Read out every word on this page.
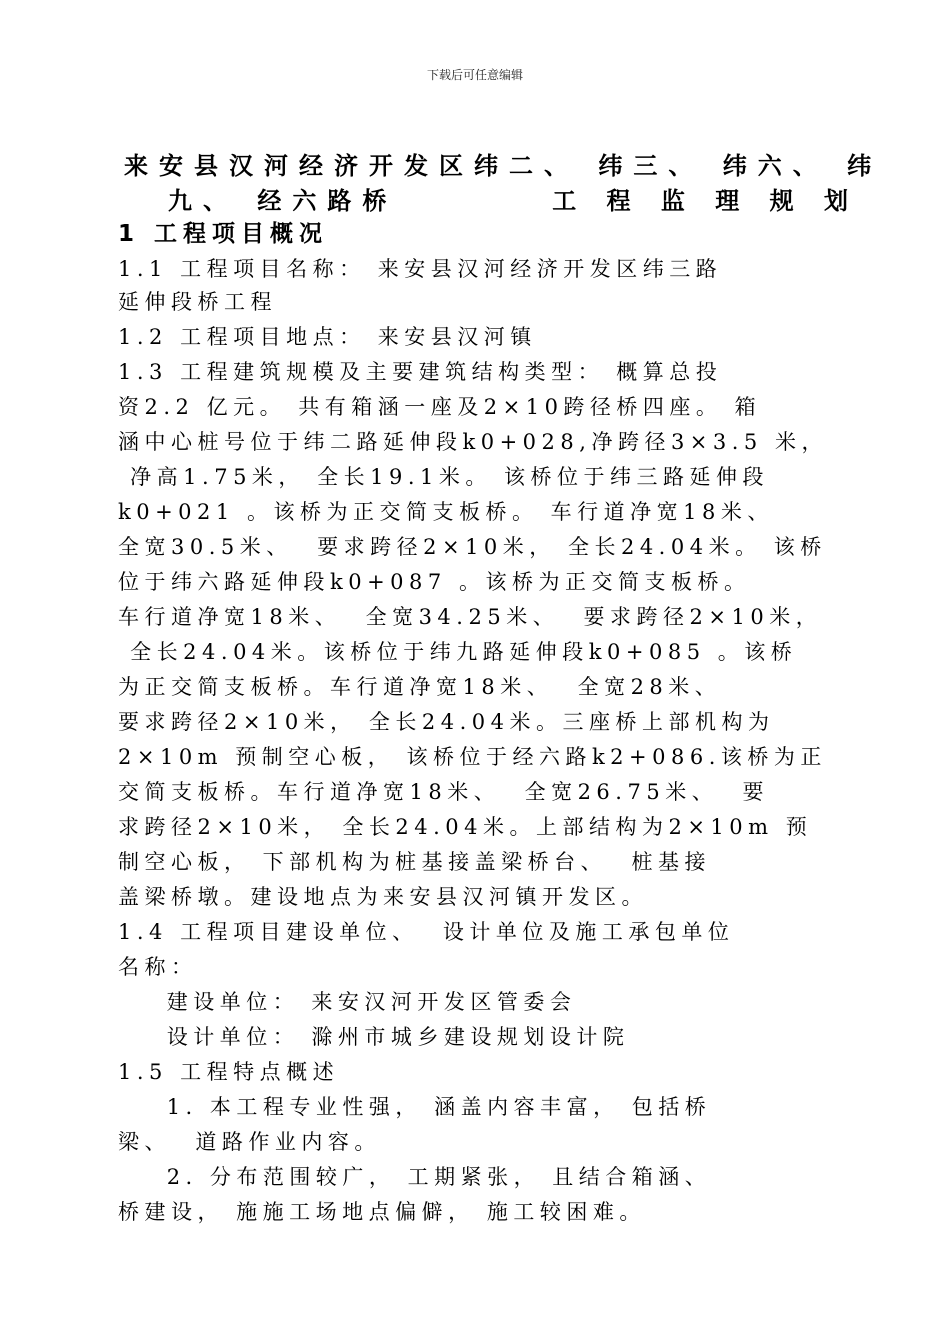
下载后可任意编辑
来安县汉河经济开发区纬二、 纬三、 纬六、 纬
九、 经六路桥        工 程 监 理 规 划
1 工程项目概况
1.1 工程项目名称： 来安县汉河经济开发区纬三路
延伸段桥工程
1.2 工程项目地点： 来安县汉河镇
1.3 工程建筑规模及主要建筑结构类型： 概算总投
资2.2 亿元。 共有箱涵一座及2×10跨径桥四座。 箱
涵中心桩号位于纬二路延伸段k0+028,净跨径3×3.5 米，
净高1.75米， 全长19.1米。 该桥位于纬三路延伸段
k0+021 。该桥为正交简支板桥。 车行道净宽18米、
全宽30.5米、  要求跨径2×10米， 全长24.04米。 该桥
位于纬六路延伸段k0+087 。该桥为正交简支板桥。
车行道净宽18米、  全宽34.25米、  要求跨径2×10米，
全长24.04米。该桥位于纬九路延伸段k0+085 。该桥
为正交简支板桥。车行道净宽18米、  全宽28米、
要求跨径2×10米， 全长24.04米。三座桥上部机构为
2×10m 预制空心板， 该桥位于经六路k2+086.该桥为正
交简支板桥。车行道净宽18米、  全宽26.75米、  要
求跨径2×10米， 全长24.04米。上部结构为2×10m 预
制空心板， 下部机构为桩基接盖梁桥台、  桩基接
盖梁桥墩。建设地点为来安县汉河镇开发区。
1.4 工程项目建设单位、  设计单位及施工承包单位
名称：
建设单位： 来安汉河开发区管委会
设计单位： 滁州市城乡建设规划设计院
1.5 工程特点概述
1. 本工程专业性强， 涵盖内容丰富， 包括桥
梁、  道路作业内容。
2. 分布范围较广， 工期紧张， 且结合箱涵、
桥建设， 施施工场地点偏僻， 施工较困难。
